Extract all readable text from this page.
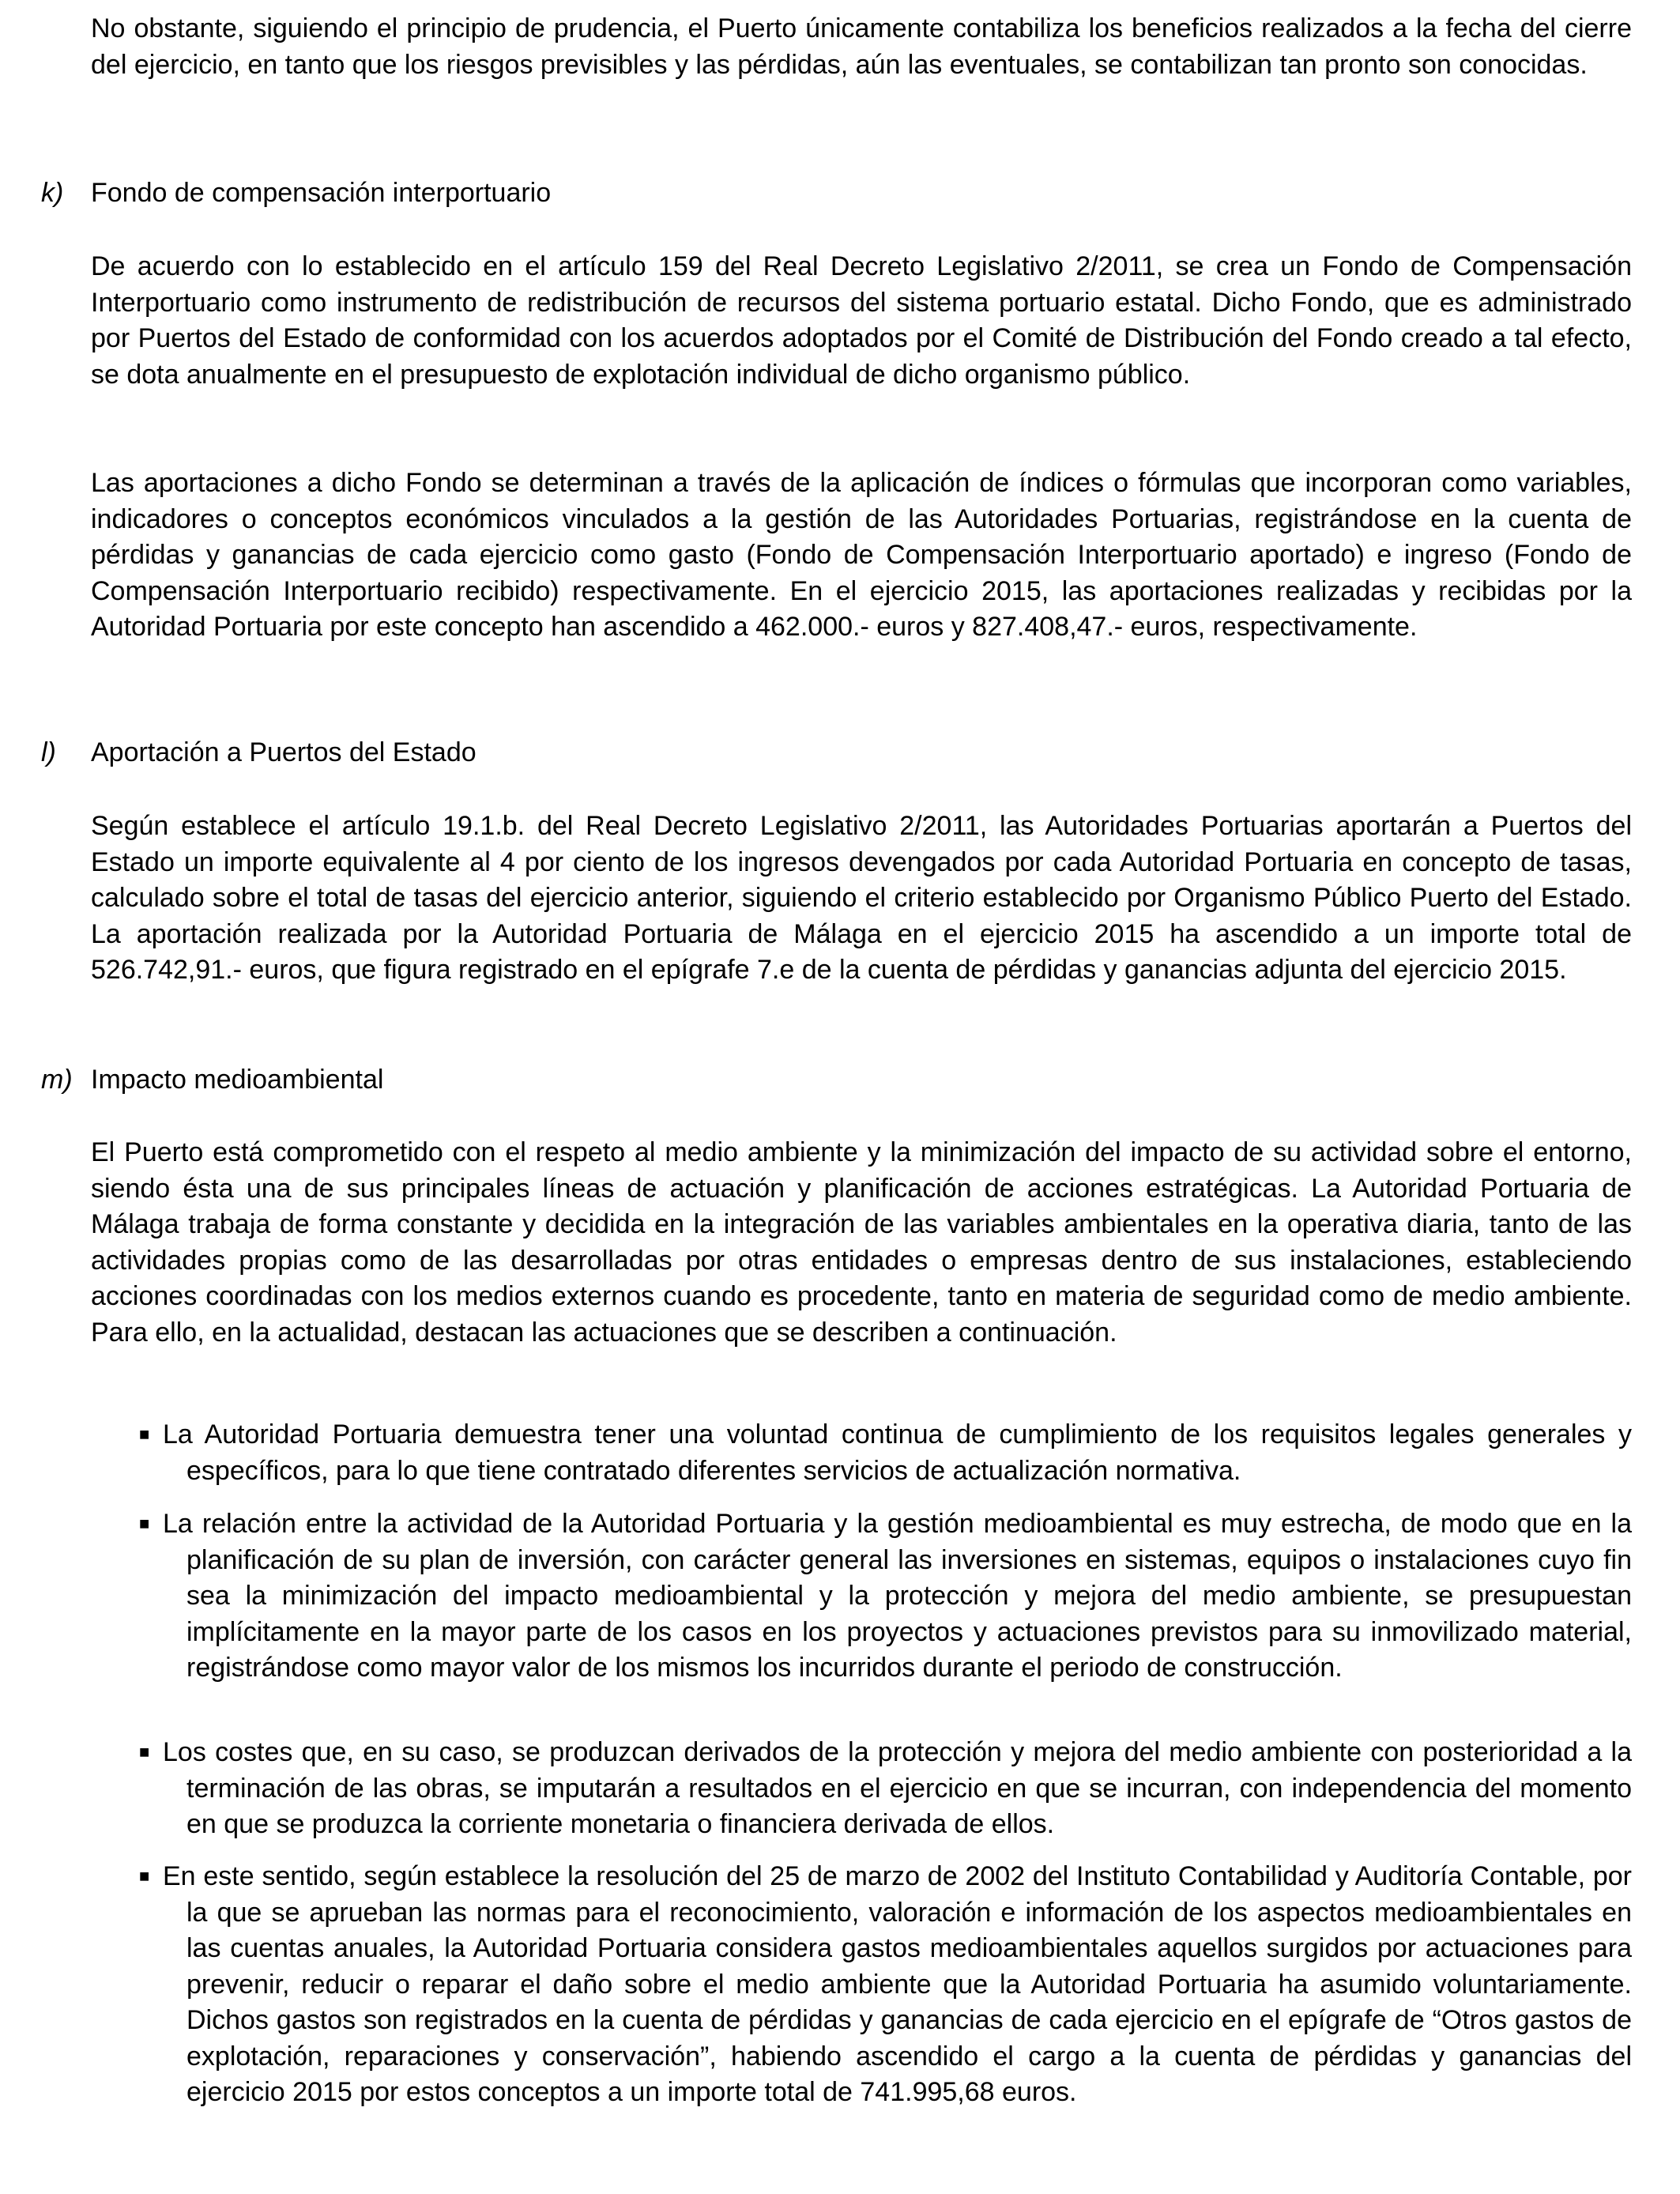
No obstante, siguiendo el principio de prudencia, el Puerto únicamente contabiliza los beneficios realizados a la fecha del cierre del ejercicio, en tanto que los riesgos previsibles y las pérdidas, aún las eventuales, se contabilizan tan pronto son conocidas.

k) Fondo de compensación interportuario

De acuerdo con lo establecido en el artículo 159 del Real Decreto Legislativo 2/2011, se crea un Fondo de Compensación Interportuario como instrumento de redistribución de recursos del sistema portuario estatal. Dicho Fondo, que es administrado por Puertos del Estado de conformidad con los acuerdos adoptados por el Comité de Distribución del Fondo creado a tal efecto, se dota anualmente en el presupuesto de explotación individual de dicho organismo público.

Las aportaciones a dicho Fondo se determinan a través de la aplicación de índices o fórmulas que incorporan como variables, indicadores o conceptos económicos vinculados a la gestión de las Autoridades Portuarias, registrándose en la cuenta de pérdidas y ganancias de cada ejercicio como gasto (Fondo de Compensación Interportuario aportado) e ingreso (Fondo de Compensación Interportuario recibido) respectivamente. En el ejercicio 2015, las aportaciones realizadas y recibidas por la Autoridad Portuaria por este concepto han ascendido a 462.000.- euros y 827.408,47.- euros, respectivamente.

l) Aportación a Puertos del Estado

Según establece el artículo 19.1.b. del Real Decreto Legislativo 2/2011, las Autoridades Portuarias aportarán a Puertos del Estado un importe equivalente al 4 por ciento de los ingresos devengados por cada Autoridad Portuaria en concepto de tasas, calculado sobre el total de tasas del ejercicio anterior, siguiendo el criterio establecido por Organismo Público Puerto del Estado. La aportación realizada por la Autoridad Portuaria de Málaga en el ejercicio 2015 ha ascendido a un importe total de 526.742,91.- euros, que figura registrado en el epígrafe 7.e de la cuenta de pérdidas y ganancias adjunta del ejercicio 2015.

m) Impacto medioambiental

El Puerto está comprometido con el respeto al medio ambiente y la minimización del impacto de su actividad sobre el entorno, siendo ésta una de sus principales líneas de actuación y planificación de acciones estratégicas. La Autoridad Portuaria de Málaga trabaja de forma constante y decidida en la integración de las variables ambientales en la operativa diaria, tanto de las actividades propias como de las desarrolladas por otras entidades o empresas dentro de sus instalaciones, estableciendo acciones coordinadas con los medios externos cuando es procedente, tanto en materia de seguridad como de medio ambiente. Para ello, en la actualidad, destacan las actuaciones que se describen a continuación.

■ La Autoridad Portuaria demuestra tener una voluntad continua de cumplimiento de los requisitos legales generales y específicos, para lo que tiene contratado diferentes servicios de actualización normativa.

■ La relación entre la actividad de la Autoridad Portuaria y la gestión medioambiental es muy estrecha, de modo que en la planificación de su plan de inversión, con carácter general las inversiones en sistemas, equipos o instalaciones cuyo fin sea la minimización del impacto medioambiental y la protección y mejora del medio ambiente, se presupuestan implícitamente en la mayor parte de los casos en los proyectos y actuaciones previstos para su inmovilizado material, registrándose como mayor valor de los mismos los incurridos durante el periodo de construcción.

■ Los costes que, en su caso, se produzcan derivados de la protección y mejora del medio ambiente con posterioridad a la terminación de las obras, se imputarán a resultados en el ejercicio en que se incurran, con independencia del momento en que se produzca la corriente monetaria o financiera derivada de ellos.

■ En este sentido, según establece la resolución del 25 de marzo de 2002 del Instituto Contabilidad y Auditoría Contable, por la que se aprueban las normas para el reconocimiento, valoración e información de los aspectos medioambientales en las cuentas anuales, la Autoridad Portuaria considera gastos medioambientales aquellos surgidos por actuaciones para prevenir, reducir o reparar el daño sobre el medio ambiente que la Autoridad Portuaria ha asumido voluntariamente. Dichos gastos son registrados en la cuenta de pérdidas y ganancias de cada ejercicio en el epígrafe de “Otros gastos de explotación, reparaciones y conservación”, habiendo ascendido el cargo a la cuenta de pérdidas y ganancias del ejercicio 2015 por estos conceptos a un importe total de 741.995,68 euros.
